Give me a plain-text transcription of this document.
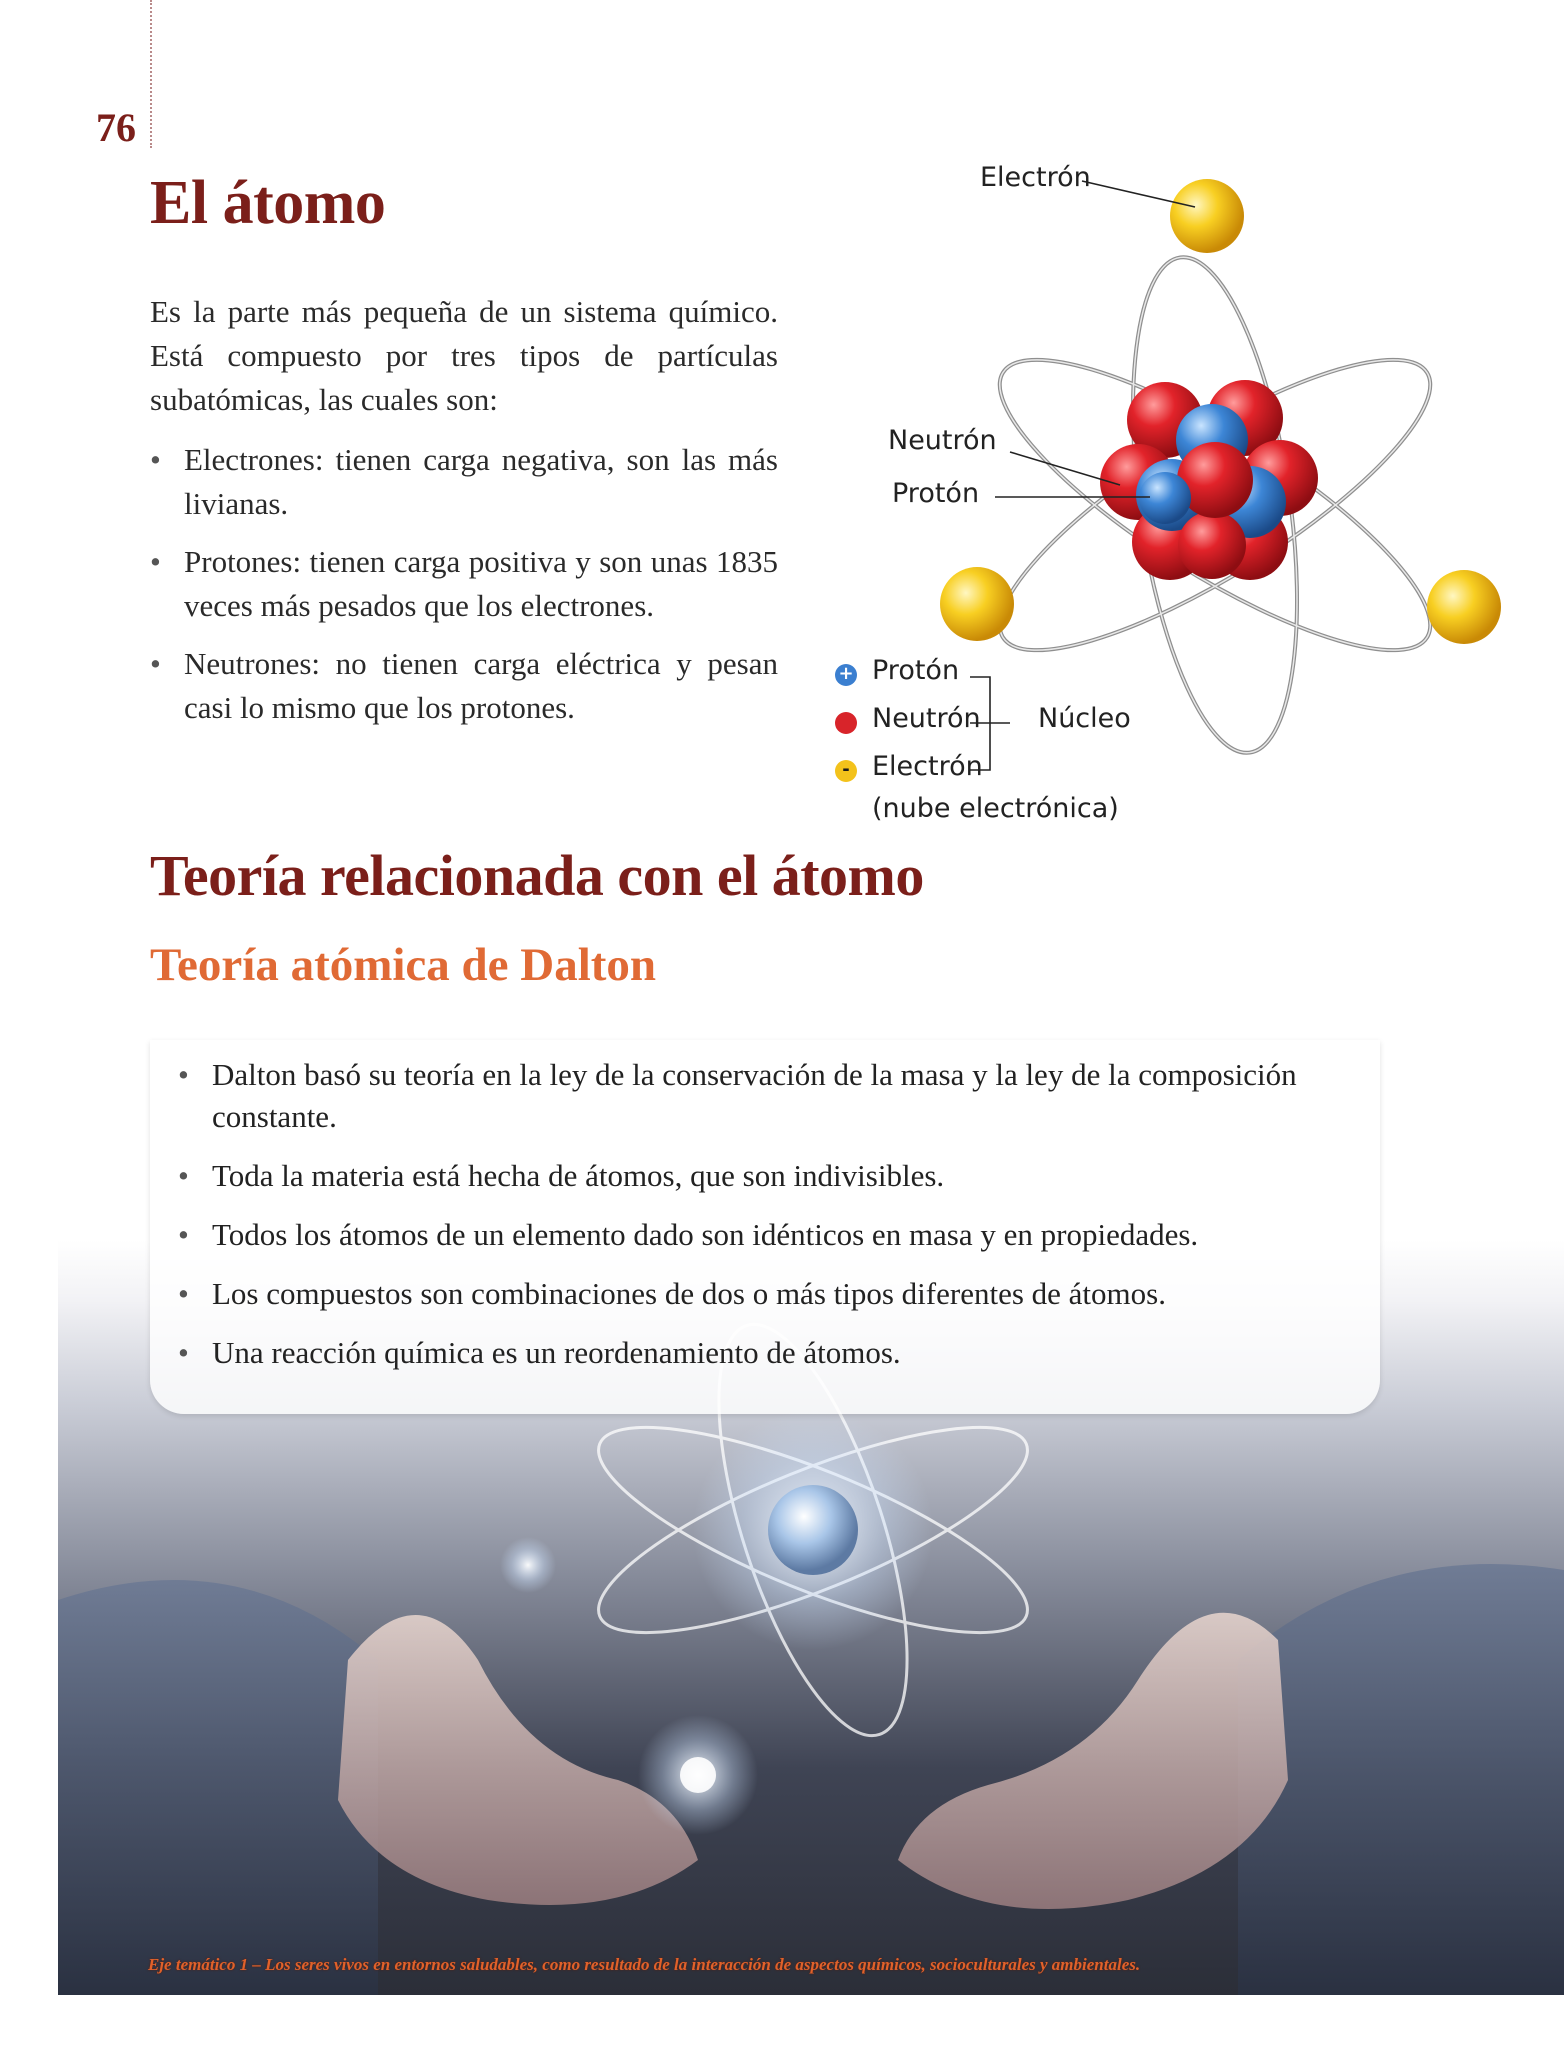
76
El átomo

Es la parte más pequeña de un sistema químico. Está compuesto por tres tipos de partículas subatómicas, las cuales son:

• Electrones: tienen carga negativa, son las más livianas.
• Protones: tienen carga positiva y son unas 1835 veces más pesados que los electrones.
• Neutrones: no tienen carga eléctrica y pesan casi lo mismo que los protones.
Electrón
Neutrón
Protón
+ Protón
Neutrón
- Electrón
(nube electrónica)
Núcleo
Teoría relacionada con el átomo
Teoría atómica de Dalton
Eje temático 1 – Los seres vivos en entornos saludables, como resultado de la interacción de aspectos químicos, socioculturales y ambientales.
• Dalton basó su teoría en la ley de la conservación de la masa y la ley de la composición constante.
• Toda la materia está hecha de átomos, que son indivisibles.
• Todos los átomos de un elemento dado son idénticos en masa y en propiedades.
• Los compuestos son combinaciones de dos o más tipos diferentes de átomos.
• Una reacción química es un reordenamiento de átomos.
